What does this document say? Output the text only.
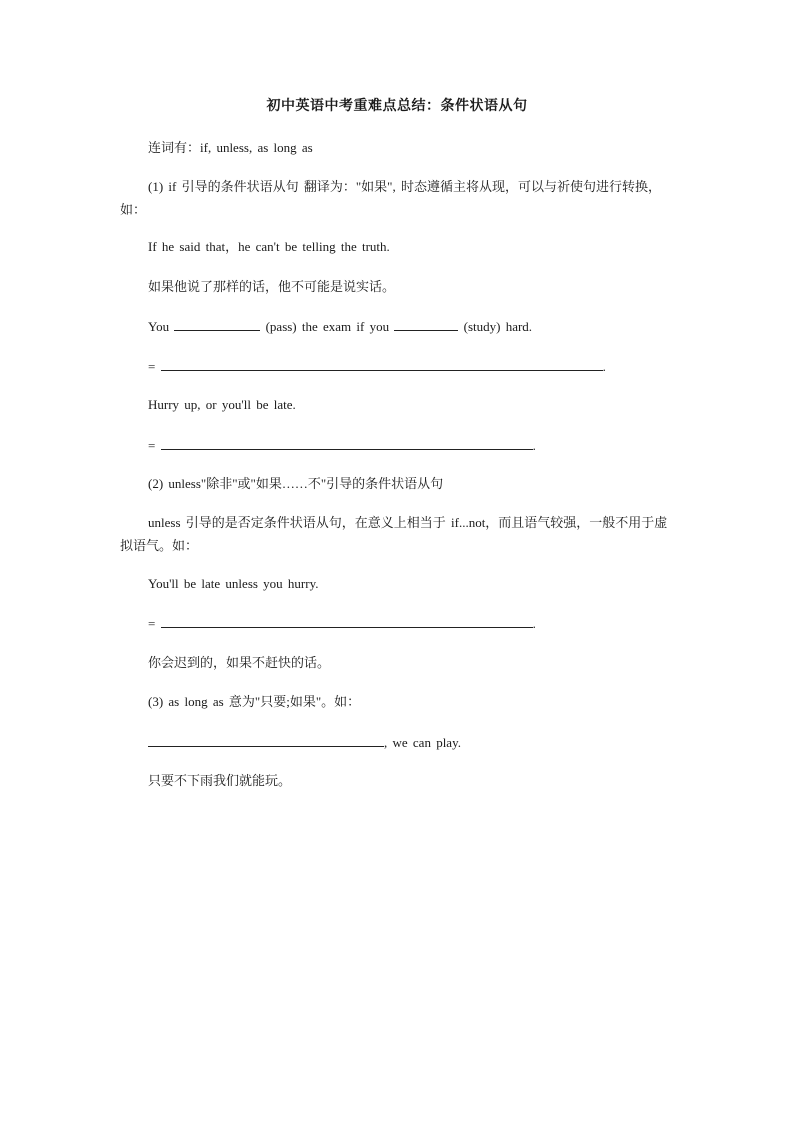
初中英语中考重难点总结：条件状语从句
连词有：if, unless, as long as
(1) if 引导的条件状语从句 翻译为："如果", 时态遵循主将从现，可以与祈使句进行转换，如：
If he said that，he can't be telling the truth.
如果他说了那样的话，他不可能是说实话。
You	(pass) the exam if you	(study) hard.
=	.
Hurry up, or you'll be late.
=	.
(2) unless"除非"或"如果……不"引导的条件状语从句
unless 引导的是否定条件状语从句，在意义上相当于 if...not，而且语气较强，一般不用于虚拟语气。如：
You'll be late unless you hurry.
=	.
你会迟到的，如果不赶快的话。
(3) as long as 意为"只要;如果"。如：
, we can play.
只要不下雨我们就能玩。
